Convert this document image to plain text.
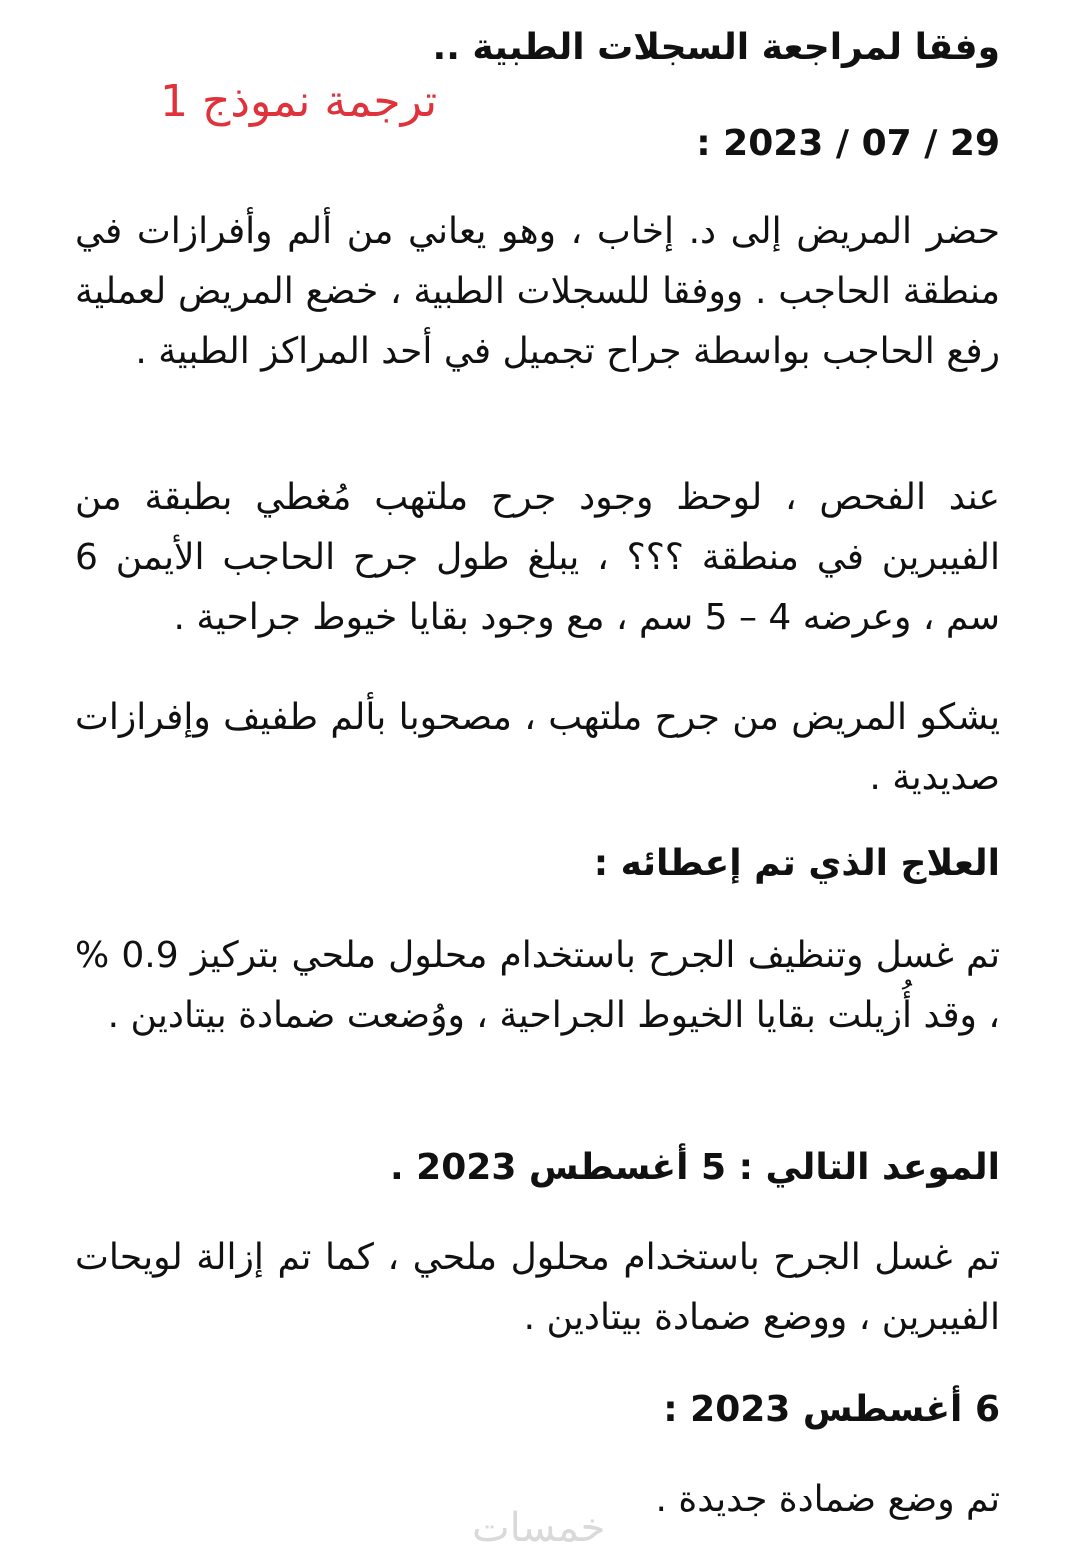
وفقا لمراجعة السجلات الطبية ..
ترجمة نموذج 1
29 / 07 / 2023 :

حضر المريض إلى د. إخاب ، وهو يعاني من ألم وأفرازات في منطقة الحاجب . ووفقا للسجلات الطبية ، خضع المريض لعملية رفع الحاجب بواسطة جراح تجميل في أحد المراكز الطبية .

عند الفحص ، لوحظ وجود جرح ملتهب مُغطي بطبقة من الفيبرين في منطقة ؟؟؟ ، يبلغ طول جرح الحاجب الأيمن 6 سم ، وعرضه 4 – 5 سم ، مع وجود بقايا خيوط جراحية .

يشكو المريض من جرح ملتهب ، مصحوبا بألم طفيف وإفرازات صديدية .

العلاج الذي تم إعطائه :

تم غسل وتنظيف الجرح باستخدام محلول ملحي بتركيز 0.9 % ، وقد أُزيلت بقايا الخيوط الجراحية ، ووُضعت ضمادة بيتادين .

الموعد التالي : 5 أغسطس 2023 .

تم غسل الجرح باستخدام محلول ملحي ، كما تم إزالة لويحات الفيبرين ، ووضع ضمادة بيتادين .

6 أغسطس 2023 :

تم وضع ضمادة جديدة .

خمسات
